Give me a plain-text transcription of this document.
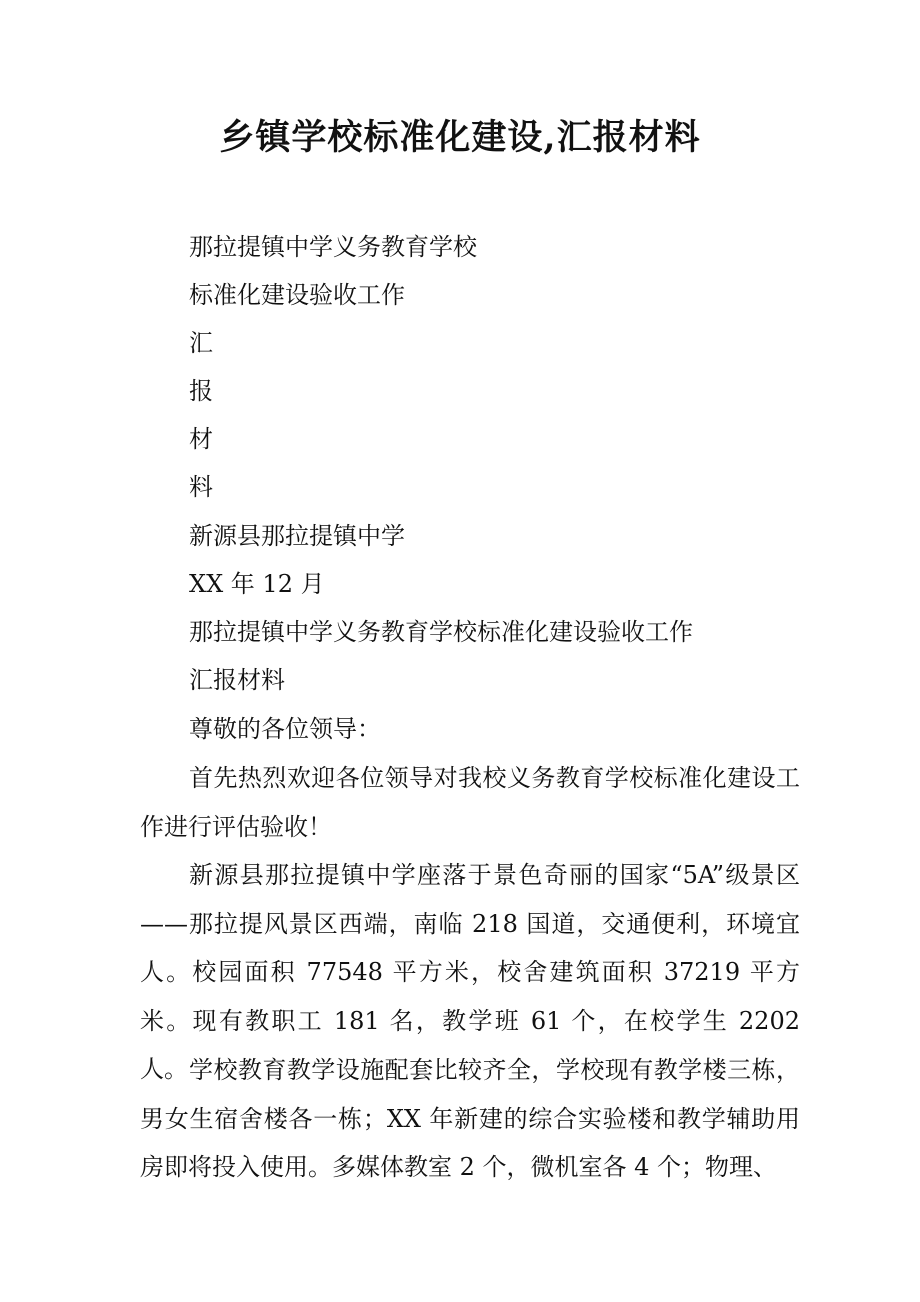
乡镇学校标准化建设,汇报材料
那拉提镇中学义务教育学校
标准化建设验收工作
汇
报
材
料
新源县那拉提镇中学
XX 年 12 月
那拉提镇中学义务教育学校标准化建设验收工作
汇报材料
尊敬的各位领导：
首先热烈欢迎各位领导对我校义务教育学校标准化建设工作进行评估验收！
新源县那拉提镇中学座落于景色奇丽的国家“5A”级景区——那拉提风景区西端，南临 218 国道，交通便利，环境宜人。校园面积 77548 平方米，校舍建筑面积 37219 平方米。现有教职工 181 名，教学班 61 个，在校学生 2202 人。 学校教育教学设施配套比较齐全，学校现有教学楼三栋，男女生宿舍楼各一栋；XX 年新建的综合实验楼和教学辅助用房即将投入使用。多媒体教室 2 个，微机室各 4 个；物理、
